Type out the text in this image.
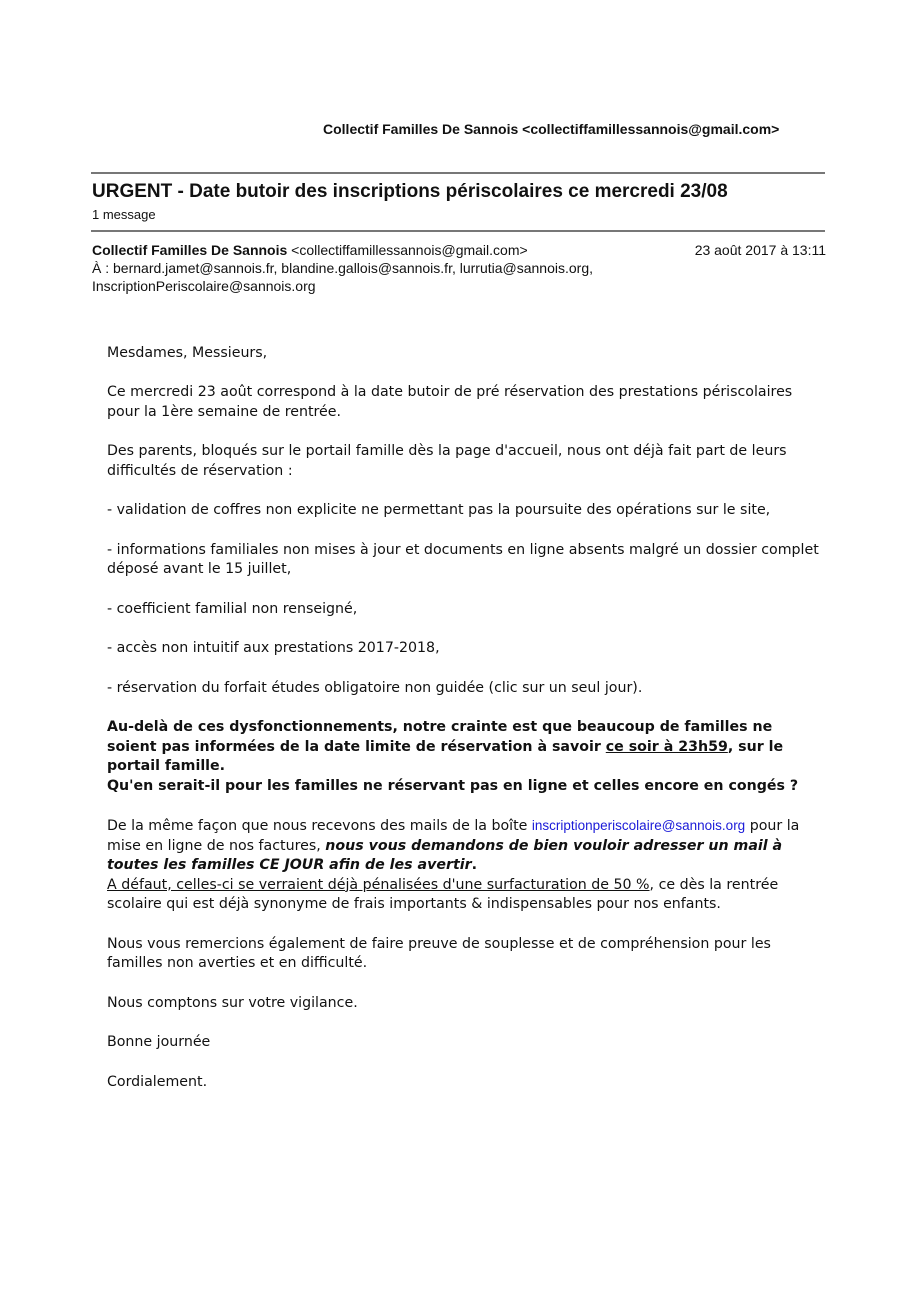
Collectif Familles De Sannois <collectiffamillessannois@gmail.com>
URGENT - Date butoir des inscriptions périscolaires ce mercredi 23/08
1 message
Collectif Familles De Sannois <collectiffamillessannois@gmail.com>	23 août 2017 à 13:11
À : bernard.jamet@sannois.fr, blandine.gallois@sannois.fr, lurrutia@sannois.org,
InscriptionPeriscolaire@sannois.org

Mesdames, Messieurs,

Ce mercredi 23 août correspond à la date butoir de pré réservation des prestations périscolaires pour la 1ère semaine de rentrée.

Des parents, bloqués sur le portail famille dès la page d'accueil, nous ont déjà fait part de leurs difficultés de réservation :

- validation de coffres non explicite ne permettant pas la poursuite des opérations sur le site,

- informations familiales non mises à jour et documents en ligne absents malgré un dossier complet déposé avant le 15 juillet,

- coefficient familial non renseigné,

- accès non intuitif aux prestations 2017-2018,

- réservation du forfait études obligatoire non guidée (clic sur un seul jour).

Au-delà de ces dysfonctionnements, notre crainte est que beaucoup de familles ne soient pas informées de la date limite de réservation à savoir ce soir à 23h59, sur le portail famille.
Qu'en serait-il pour les familles ne réservant pas en ligne et celles encore en congés ?

De la même façon que nous recevons des mails de la boîte inscriptionperiscolaire@sannois.org pour la mise en ligne de nos factures, nous vous demandons de bien vouloir adresser un mail à toutes les familles CE JOUR afin de les avertir.
A défaut, celles-ci se verraient déjà pénalisées d'une surfacturation de 50 %, ce dès la rentrée scolaire qui est déjà synonyme de frais importants & indispensables pour nos enfants.

Nous vous remercions également de faire preuve de souplesse et de compréhension pour les familles non averties et en difficulté.

Nous comptons sur votre vigilance.

Bonne journée

Cordialement.
